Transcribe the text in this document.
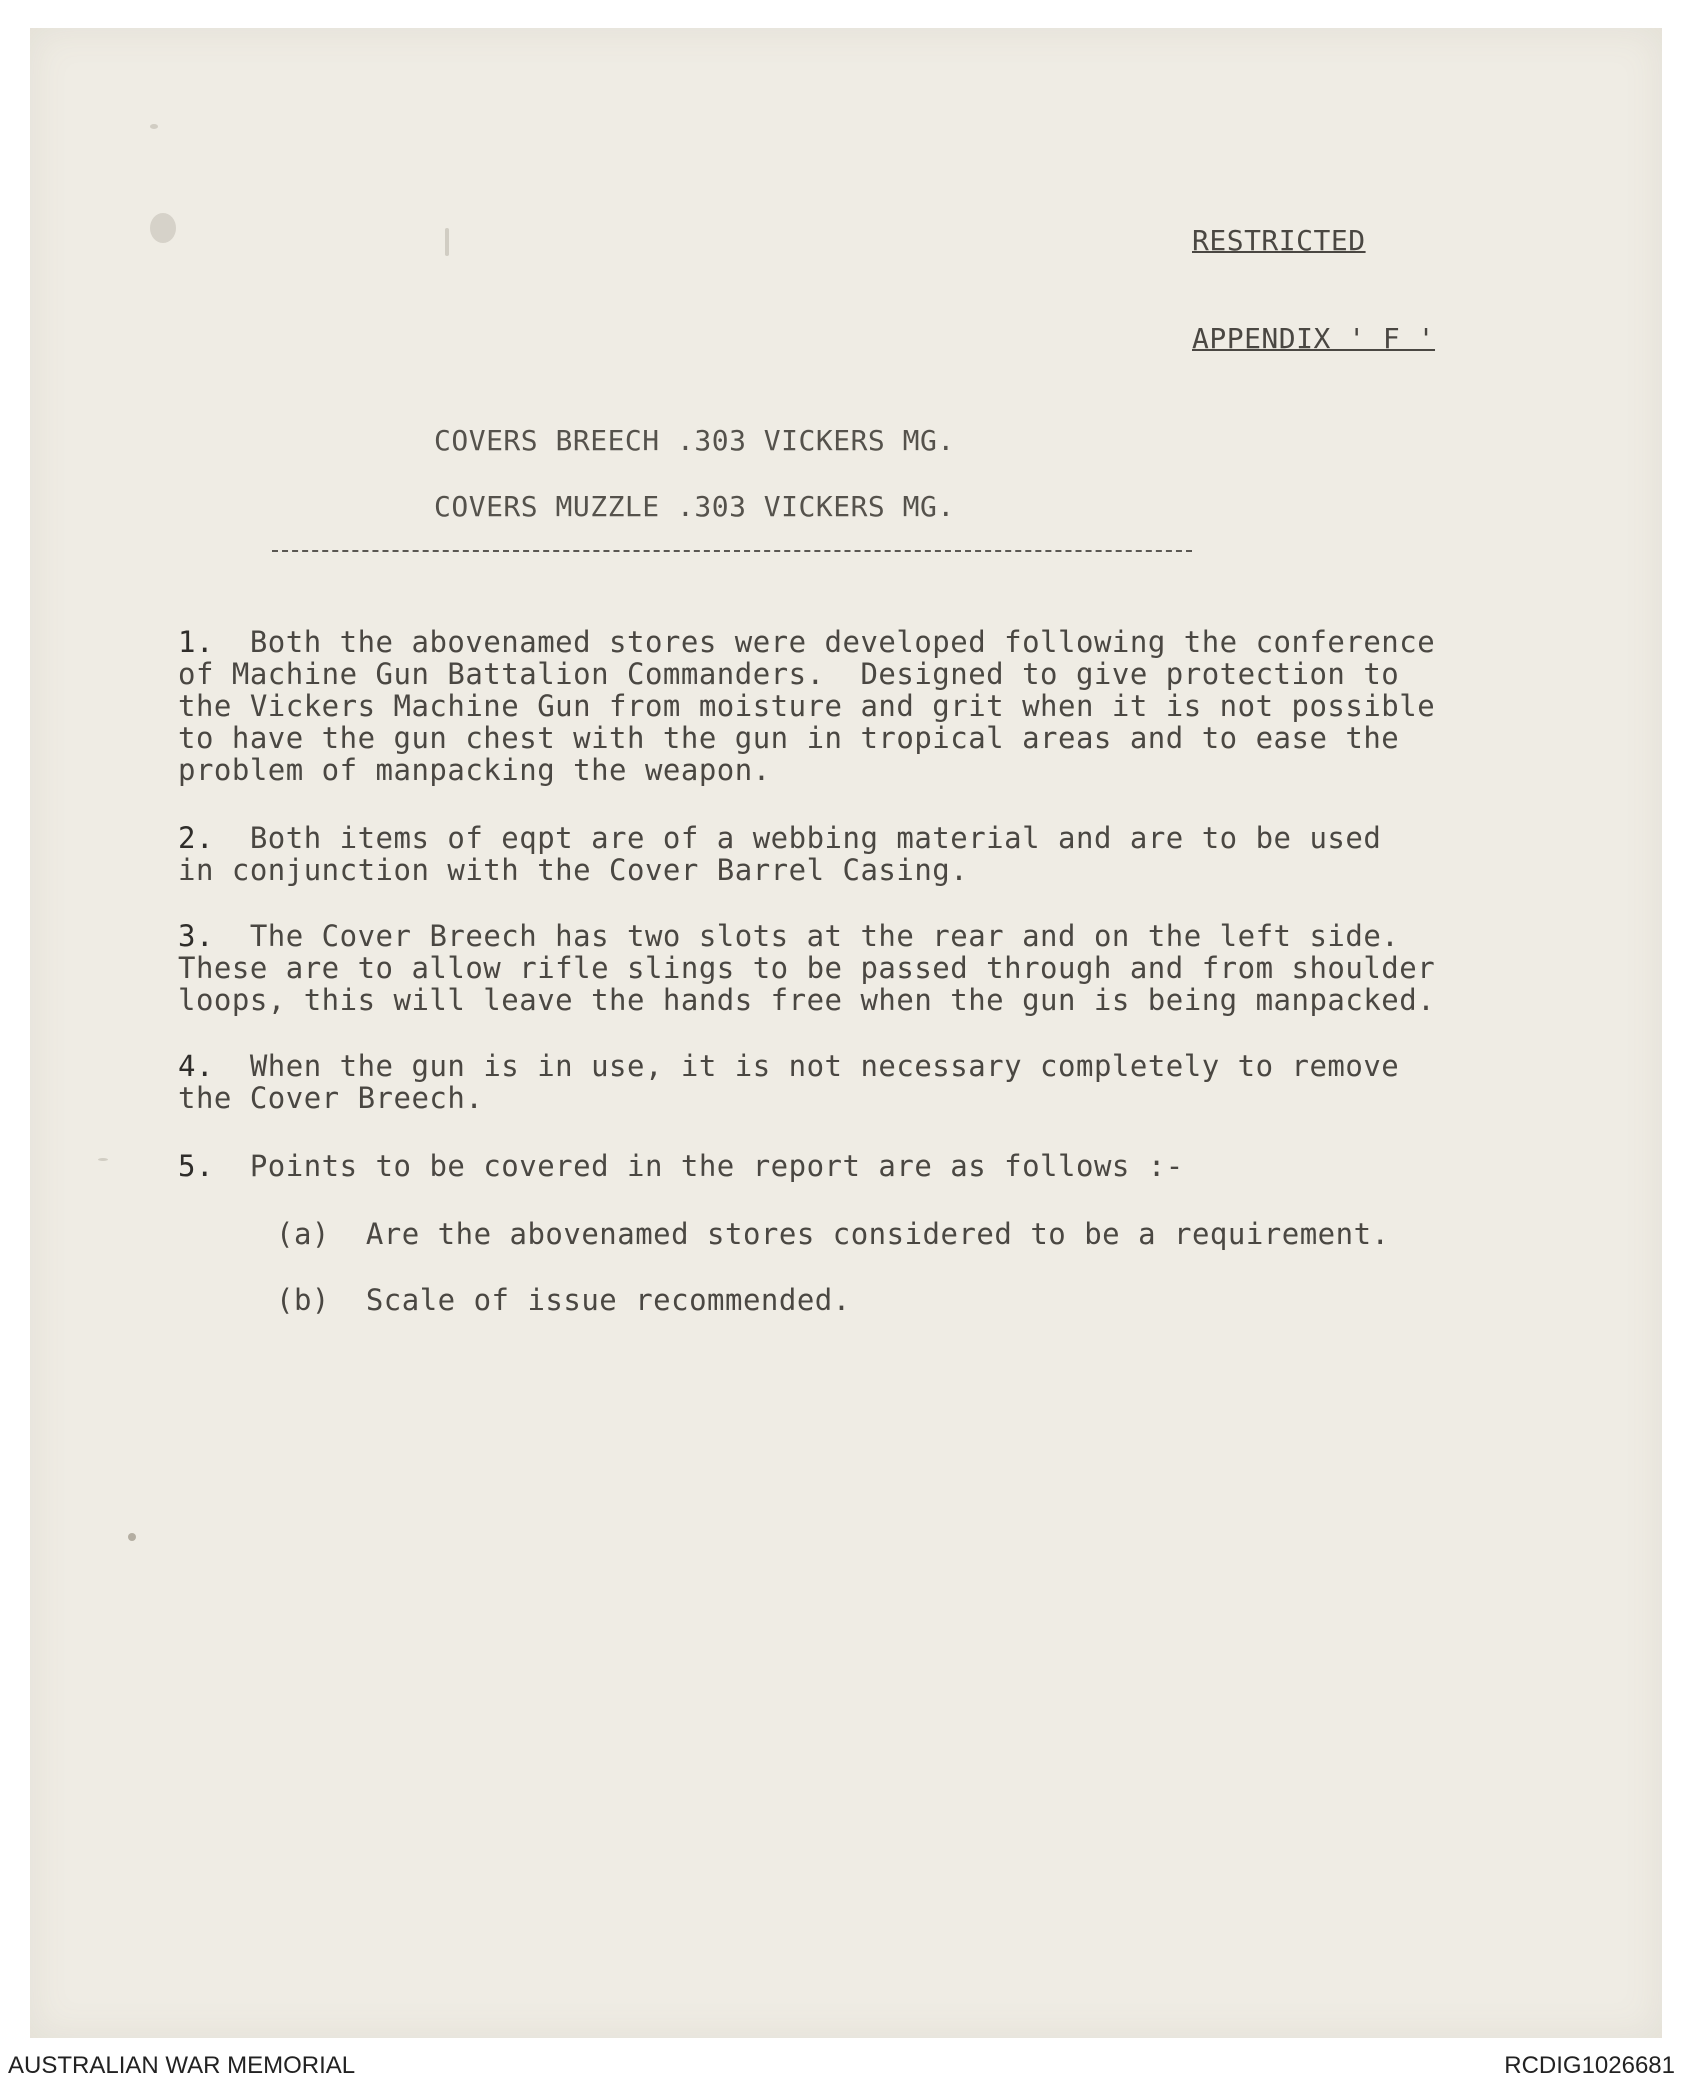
RESTRICTED
APPENDIX ' F '
COVERS BREECH .303 VICKERS MG.
COVERS MUZZLE .303 VICKERS MG.
1. Both the abovenamed stores were developed following the conference
of Machine Gun Battalion Commanders.  Designed to give protection to
the Vickers Machine Gun from moisture and grit when it is not possible
to have the gun chest with the gun in tropical areas and to ease the
problem of manpacking the weapon.
2. Both items of eqpt are of a webbing material and are to be used
in conjunction with the Cover Barrel Casing.
3. The Cover Breech has two slots at the rear and on the left side.
These are to allow rifle slings to be passed through and from shoulder
loops, this will leave the hands free when the gun is being manpacked.
4. When the gun is in use, it is not necessary completely to remove
the Cover Breech.
5. Points to be covered in the report are as follows :-
(a) Are the abovenamed stores considered to be a requirement.
(b) Scale of issue recommended.
AUSTRALIAN WAR MEMORIAL	RCDIG1026681
